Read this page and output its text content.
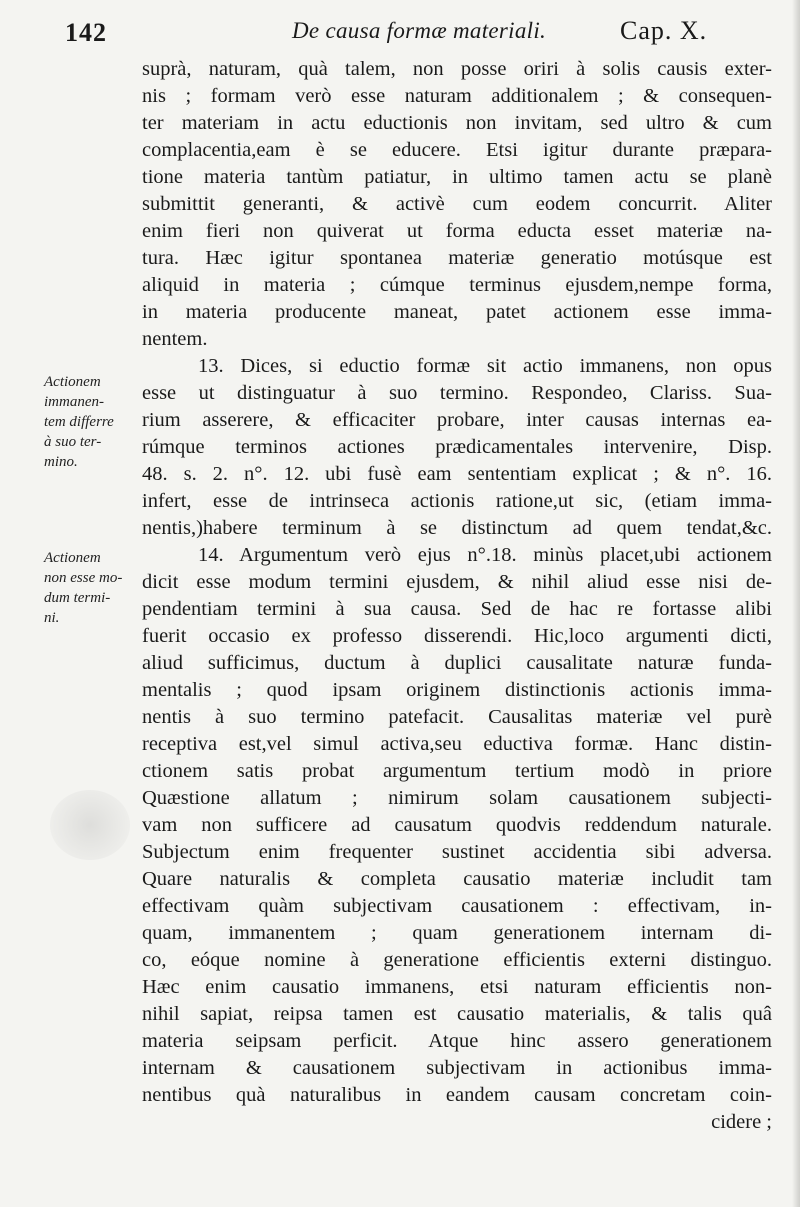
142	De causa formæ materiali.	Cap. X.
Actionem
immanen-
tem differre
à suo ter-
mino.
Actionem
non esse mo-
dum termi-
ni.
suprà, naturam, quà talem, non posse oriri à solis causis exter-
nis ; formam verò esse naturam additionalem ; & consequen-
ter materiam in actu eductionis non invitam, sed ultro & cum
complacentia,eam è se educere. Etsi igitur durante præpara-
tione materia tantùm patiatur, in ultimo tamen actu se planè
submittit generanti, & activè cum eodem concurrit. Aliter
enim fieri non quiverat ut forma educta esset materiæ na-
tura. Hæc igitur spontanea materiæ generatio motúsque est
aliquid in materia ; cúmque terminus ejusdem,nempe forma,
in materia producente maneat, patet actionem esse imma-
nentem.
13. Dices, si eductio formæ sit actio immanens, non opus
esse ut distinguatur à suo termino. Respondeo, Clariss. Sua-
rium asserere, & efficaciter probare, inter causas internas ea-
rúmque terminos actiones prædicamentales intervenire, Disp.
48. s. 2. n°. 12. ubi fusè eam sententiam explicat ; & n°. 16.
infert, esse de intrinseca actionis ratione,ut sic, (etiam imma-
nentis,)habere terminum à se distinctum ad quem tendat,&c.
14. Argumentum verò ejus n°.18. minùs placet,ubi actionem
dicit esse modum termini ejusdem, & nihil aliud esse nisi de-
pendentiam termini à sua causa. Sed de hac re fortasse alibi
fuerit occasio ex professo disserendi. Hic,loco argumenti dicti,
aliud sufficimus, ductum à duplici causalitate naturæ funda-
mentalis ; quod ipsam originem distinctionis actionis imma-
nentis à suo termino patefacit. Causalitas materiæ vel purè
receptiva est,vel simul activa,seu eductiva formæ. Hanc distin-
ctionem satis probat argumentum tertium modò in priore
Quæstione allatum ; nimirum solam causationem subjecti-
vam non sufficere ad causatum quodvis reddendum naturale.
Subjectum enim frequenter sustinet accidentia sibi adversa.
Quare naturalis & completa causatio materiæ includit tam
effectivam quàm subjectivam causationem : effectivam, in-
quam, immanentem ; quam generationem internam di-
co, eóque nomine à generatione efficientis externi distinguo.
Hæc enim causatio immanens, etsi naturam efficientis non-
nihil sapiat, reipsa tamen est causatio materialis, & talis quâ
materia seipsam perficit. Atque hinc assero generationem
internam & causationem subjectivam in actionibus imma-
nentibus quà naturalibus in eandem causam concretam coin-
cidere ;
